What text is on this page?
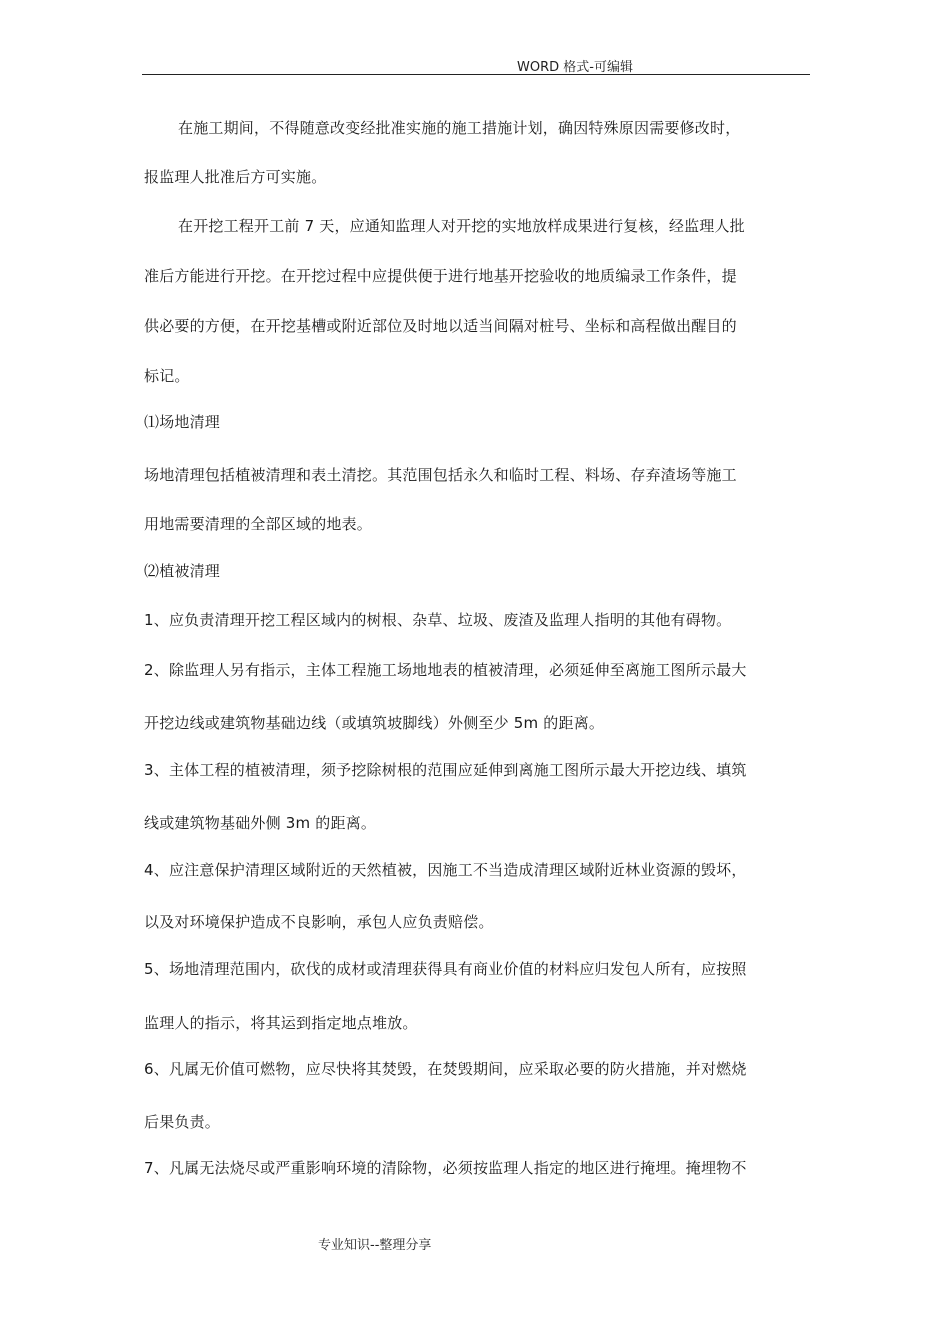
WORD 格式-可编辑
在施工期间，不得随意改变经批准实施的施工措施计划，确因特殊原因需要修改时，
报监理人批准后方可实施。
在开挖工程开工前 7 天，应通知监理人对开挖的实地放样成果进行复核，经监理人批
准后方能进行开挖。在开挖过程中应提供便于进行地基开挖验收的地质编录工作条件，提
供必要的方便，在开挖基槽或附近部位及时地以适当间隔对桩号、坐标和高程做出醒目的
标记。
⑴场地清理
场地清理包括植被清理和表土清挖。其范围包括永久和临时工程、料场、存弃渣场等施工
用地需要清理的全部区域的地表。
⑵植被清理
1、应负责清理开挖工程区域内的树根、杂草、垃圾、废渣及监理人指明的其他有碍物。
2、除监理人另有指示，主体工程施工场地地表的植被清理，必须延伸至离施工图所示最大
开挖边线或建筑物基础边线（或填筑坡脚线）外侧至少 5m 的距离。
3、主体工程的植被清理，须予挖除树根的范围应延伸到离施工图所示最大开挖边线、填筑
线或建筑物基础外侧 3m 的距离。
4、应注意保护清理区域附近的天然植被，因施工不当造成清理区域附近林业资源的毁坏，
以及对环境保护造成不良影响，承包人应负责赔偿。
5、场地清理范围内，砍伐的成材或清理获得具有商业价值的材料应归发包人所有，应按照
监理人的指示，将其运到指定地点堆放。
6、凡属无价值可燃物，应尽快将其焚毁，在焚毁期间，应采取必要的防火措施，并对燃烧
后果负责。
7、凡属无法烧尽或严重影响环境的清除物，必须按监理人指定的地区进行掩埋。掩埋物不
专业知识--整理分享
